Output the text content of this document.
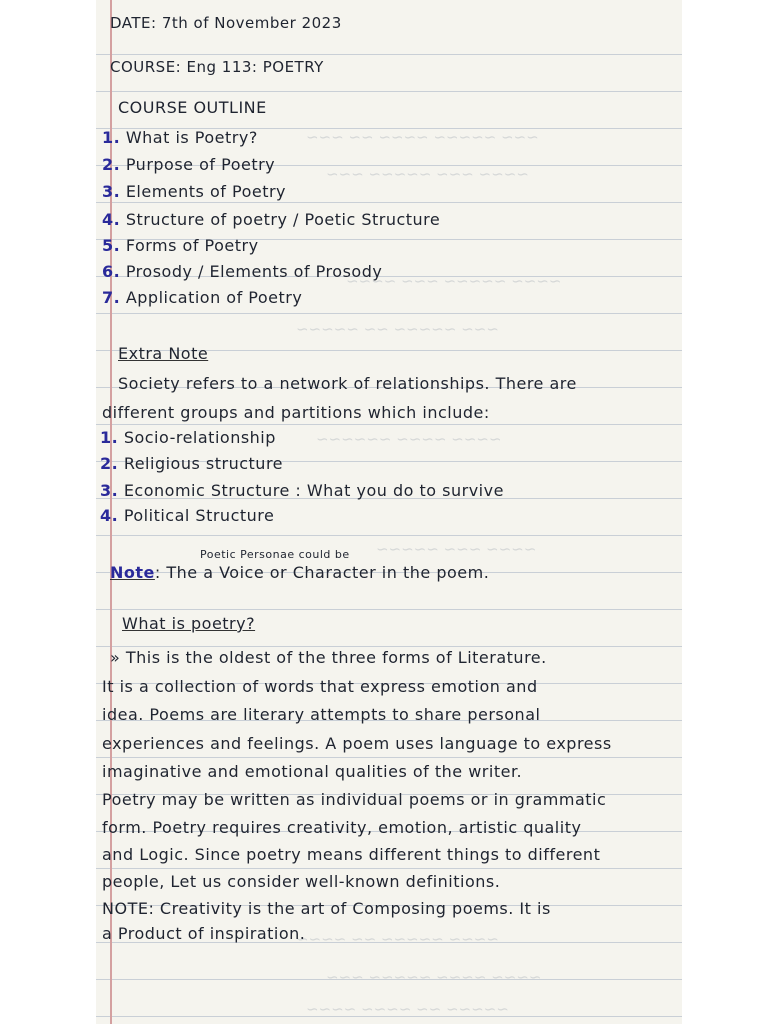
~~~ ~~~~~ ~~~~ ~~ ~~~
~~~~ ~~~ ~~~~~ ~~~
~~~~ ~~~~~ ~~~ ~~~~
~~~ ~~~~~ ~~ ~~~~~
~~~~ ~~~~ ~~~~~~
~~~~ ~~~ ~~~~~
~~~~ ~~~~~ ~~ ~~~~
~~~~ ~~~~ ~~~~~ ~~~
~~~~~ ~~ ~~~~ ~~~~
DATE: 7th of November 2023
COURSE: Eng 113: POETRY
COURSE OUTLINE
1. What is Poetry?
2. Purpose of Poetry
3. Elements of Poetry
4. Structure of poetry / Poetic Structure
5. Forms of Poetry
6. Prosody / Elements of Prosody
7. Application of Poetry
Extra Note
Society refers to a network of relationships. There are
different groups and partitions which include:
1. Socio-relationship
2. Religious structure
3. Economic Structure : What you do to survive
4. Political Structure
Poetic Personae could be
Note: The a Voice or Character in the poem.
What is poetry?
» This is the oldest of the three forms of Literature.
It is a collection of words that express emotion and
idea. Poems are literary attempts to share personal
experiences and feelings. A poem uses language to express
imaginative and emotional qualities of the writer.
Poetry may be written as individual poems or in grammatic
form. Poetry requires creativity, emotion, artistic quality
and Logic. Since poetry means different things to different
people, Let us consider well-known definitions.
NOTE: Creativity is the art of Composing poems. It is
a Product of inspiration.
